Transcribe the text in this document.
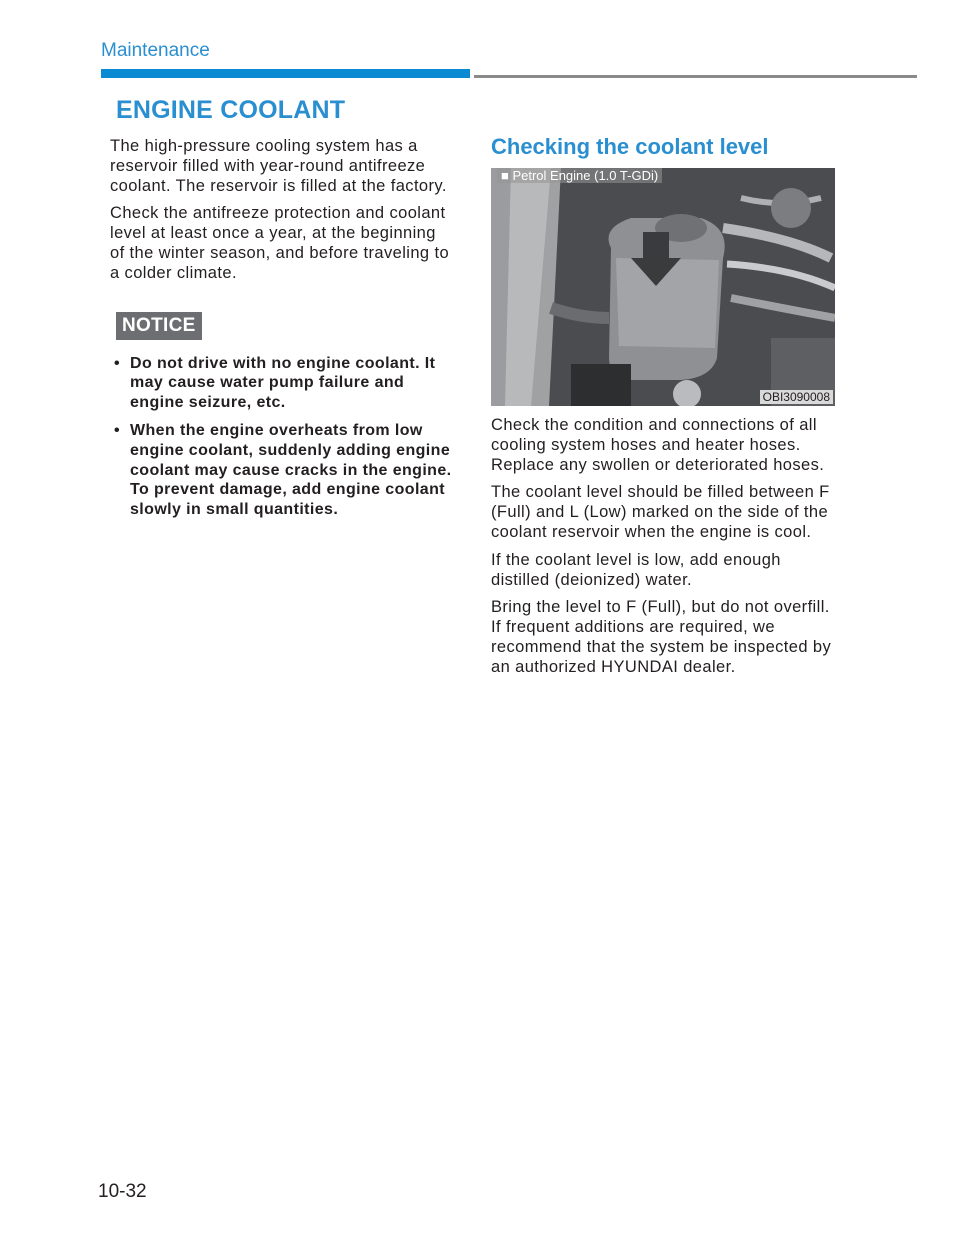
Maintenance
ENGINE COOLANT

The high-pressure cooling system has a reservoir filled with year-round antifreeze coolant. The reservoir is filled at the factory.

Check the antifreeze protection and coolant level at least once a year, at the beginning of the winter season, and before traveling to a colder climate.

NOTICE
• Do not drive with no engine coolant. It may cause water pump failure and engine seizure, etc.
• When the engine overheats from low engine coolant, suddenly adding engine coolant may cause cracks in the engine. To prevent damage, add engine coolant slowly in small quantities.
Checking the coolant level
■ Petrol Engine (1.0 T-GDi)
OBI3090008

Check the condition and connections of all cooling system hoses and heater hoses. Replace any swollen or deteriorated hoses.

The coolant level should be filled between F (Full) and L (Low) marked on the side of the coolant reservoir when the engine is cool.

If the coolant level is low, add enough distilled (deionized) water.

Bring the level to F (Full), but do not overfill. If frequent additions are required, we recommend that the system be inspected by an authorized HYUNDAI dealer.

10-32
